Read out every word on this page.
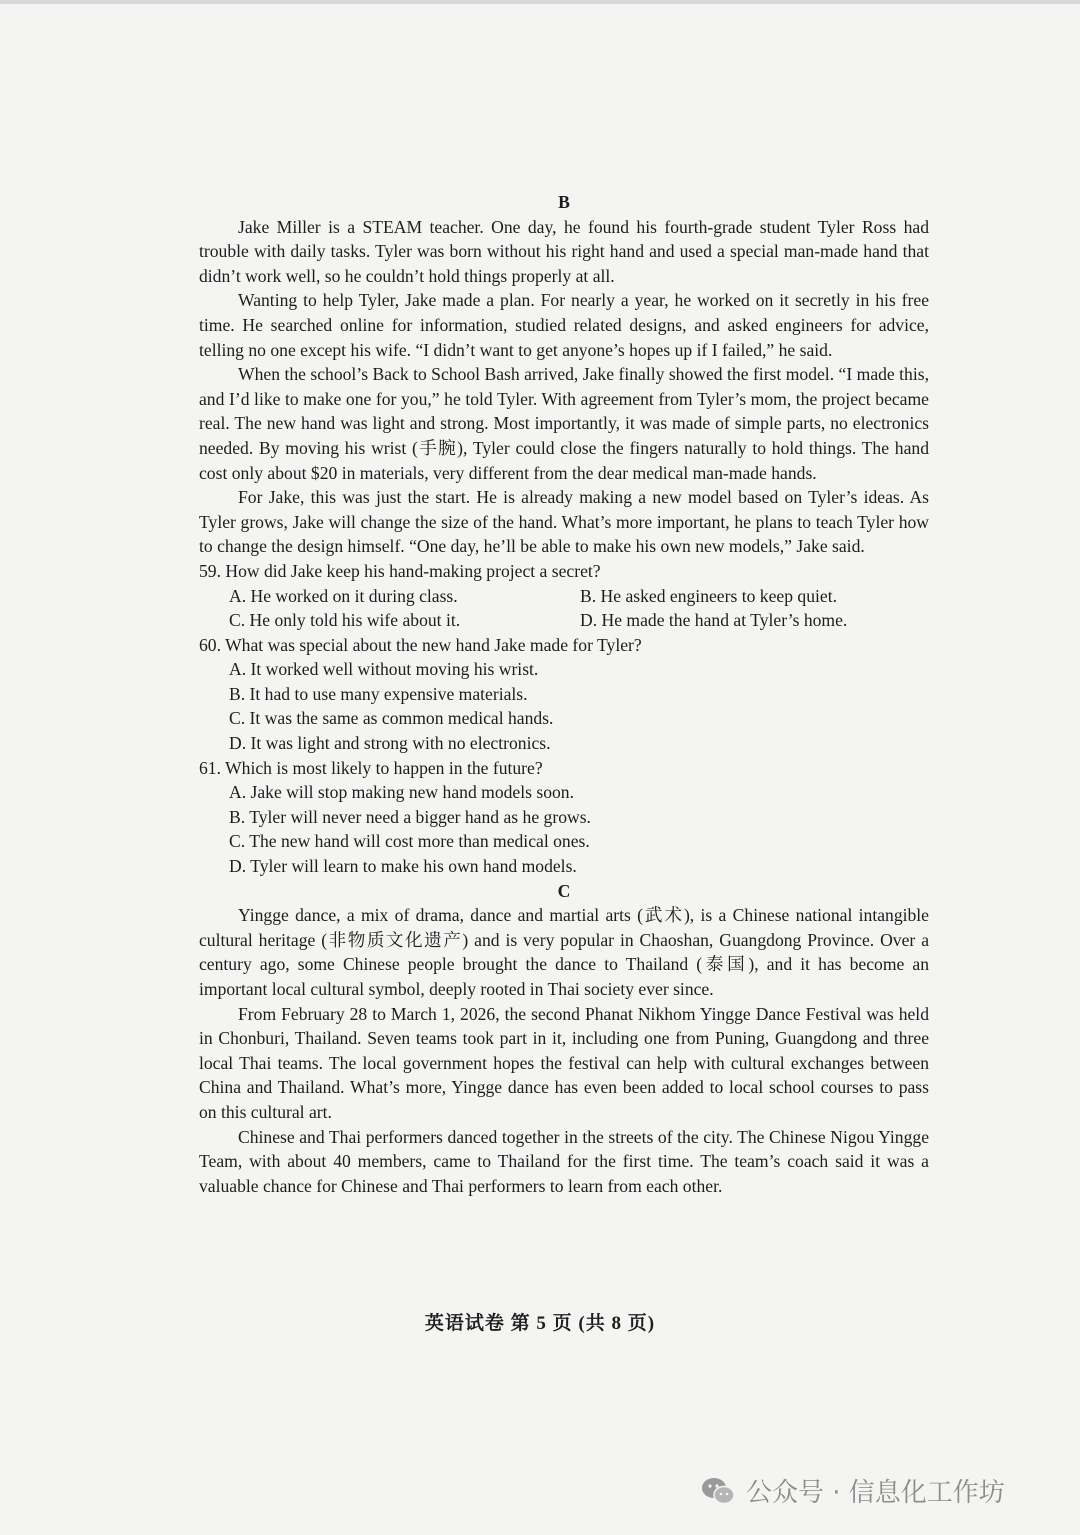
B

Jake Miller is a STEAM teacher. One day, he found his fourth-grade student Tyler Ross had trouble with daily tasks. Tyler was born without his right hand and used a special man-made hand that didn’t work well, so he couldn’t hold things properly at all.

Wanting to help Tyler, Jake made a plan. For nearly a year, he worked on it secretly in his free time. He searched online for information, studied related designs, and asked engineers for advice, telling no one except his wife. “I didn’t want to get anyone’s hopes up if I failed,” he said.

When the school’s Back to School Bash arrived, Jake finally showed the first model. “I made this, and I’d like to make one for you,” he told Tyler. With agreement from Tyler’s mom, the project became real. The new hand was light and strong. Most importantly, it was made of simple parts, no electronics needed. By moving his wrist (手腕), Tyler could close the fingers naturally to hold things. The hand cost only about $20 in materials, very different from the dear medical man-made hands.

For Jake, this was just the start. He is already making a new model based on Tyler’s ideas. As Tyler grows, Jake will change the size of the hand. What’s more important, he plans to teach Tyler how to change the design himself. “One day, he’ll be able to make his own new models,” Jake said.

59. How did Jake keep his hand-making project a secret?
A. He worked on it during class.	B. He asked engineers to keep quiet.
C. He only told his wife about it.	D. He made the hand at Tyler’s home.
60. What was special about the new hand Jake made for Tyler?
A. It worked well without moving his wrist.
B. It had to use many expensive materials.
C. It was the same as common medical hands.
D. It was light and strong with no electronics.
61. Which is most likely to happen in the future?
A. Jake will stop making new hand models soon.
B. Tyler will never need a bigger hand as he grows.
C. The new hand will cost more than medical ones.
D. Tyler will learn to make his own hand models.
C

Yingge dance, a mix of drama, dance and martial arts (武术), is a Chinese national intangible cultural heritage (非物质文化遗产) and is very popular in Chaoshan, Guangdong Province. Over a century ago, some Chinese people brought the dance to Thailand (泰国), and it has become an important local cultural symbol, deeply rooted in Thai society ever since.

From February 28 to March 1, 2026, the second Phanat Nikhom Yingge Dance Festival was held in Chonburi, Thailand. Seven teams took part in it, including one from Puning, Guangdong and three local Thai teams. The local government hopes the festival can help with cultural exchanges between China and Thailand. What’s more, Yingge dance has even been added to local school courses to pass on this cultural art.

Chinese and Thai performers danced together in the streets of the city. The Chinese Nigou Yingge Team, with about 40 members, came to Thailand for the first time. The team’s coach said it was a valuable chance for Chinese and Thai performers to learn from each other.

英语试卷 第 5 页 (共 8 页)
公众号 · 信息化工作坊
